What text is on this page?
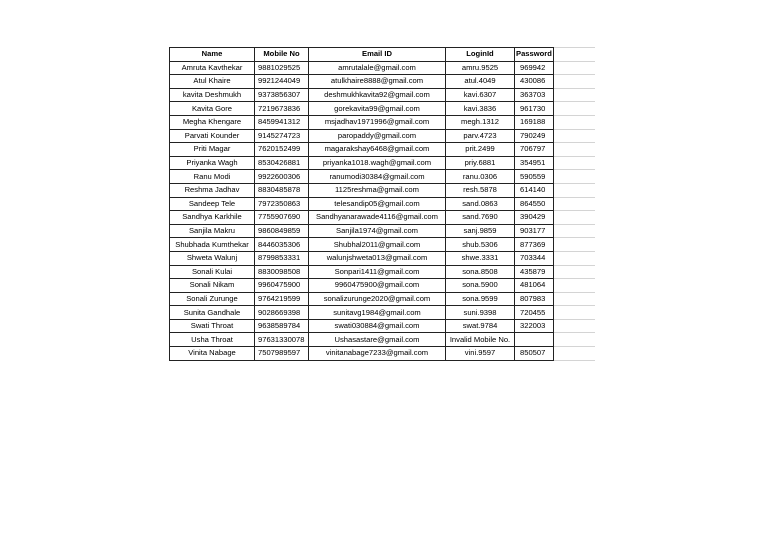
Name	Mobile No	Email ID	LoginId	Password	
Amruta Kavthekar	9881029525	amrutalale@gmail.com	amru.9525	969942	
Atul Khaire	9921244049	atulkhaire8888@gmail.com	atul.4049	430086	
kavita Deshmukh	9373856307	deshmukhkavita92@gmail.com	kavi.6307	363703	
Kavita Gore	7219673836	gorekavita99@gmail.com	kavi.3836	961730	
Megha Khengare	8459941312	msjadhav1971996@gmail.com	megh.1312	169188	
Parvati Kounder	9145274723	paropaddy@gmail.com	parv.4723	790249	
Priti Magar	7620152499	magarakshay6468@gmail.com	prit.2499	706797	
Priyanka Wagh	8530426881	priyanka1018.wagh@gmail.com	priy.6881	354951	
Ranu Modi	9922600306	ranumodi30384@gmail.com	ranu.0306	590559	
Reshma Jadhav	8830485878	1125reshma@gmail.com	resh.5878	614140	
Sandeep Tele	7972350863	telesandip05@gmail.com	sand.0863	864550	
Sandhya Karkhile	7755907690	Sandhyanarawade4116@gmail.com	sand.7690	390429	
Sanjila Makru	9860849859	Sanjila1974@gmail.com	sanj.9859	903177	
Shubhada Kumthekar	8446035306	Shubhal2011@gmail.com	shub.5306	877369	
Shweta Walunj	8799853331	walunjshweta013@gmail.com	shwe.3331	703344	
Sonali Kulai	8830098508	Sonpari1411@gmail.com	sona.8508	435879	
Sonali Nikam	9960475900	9960475900@gmail.com	sona.5900	481064	
Sonali Zurunge	9764219599	sonalizurunge2020@gmail.com	sona.9599	807983	
Sunita Gandhale	9028669398	sunitavg1984@gmail.com	suni.9398	720455	
Swati Throat	9638589784	swati030884@gmail.com	swat.9784	322003	
Usha Throat	97631330078	Ushasastare@gmail.com	Invalid Mobile No.		
Vinita Nabage	7507989597	vinitanabage7233@gmail.com	vini.9597	850507	
